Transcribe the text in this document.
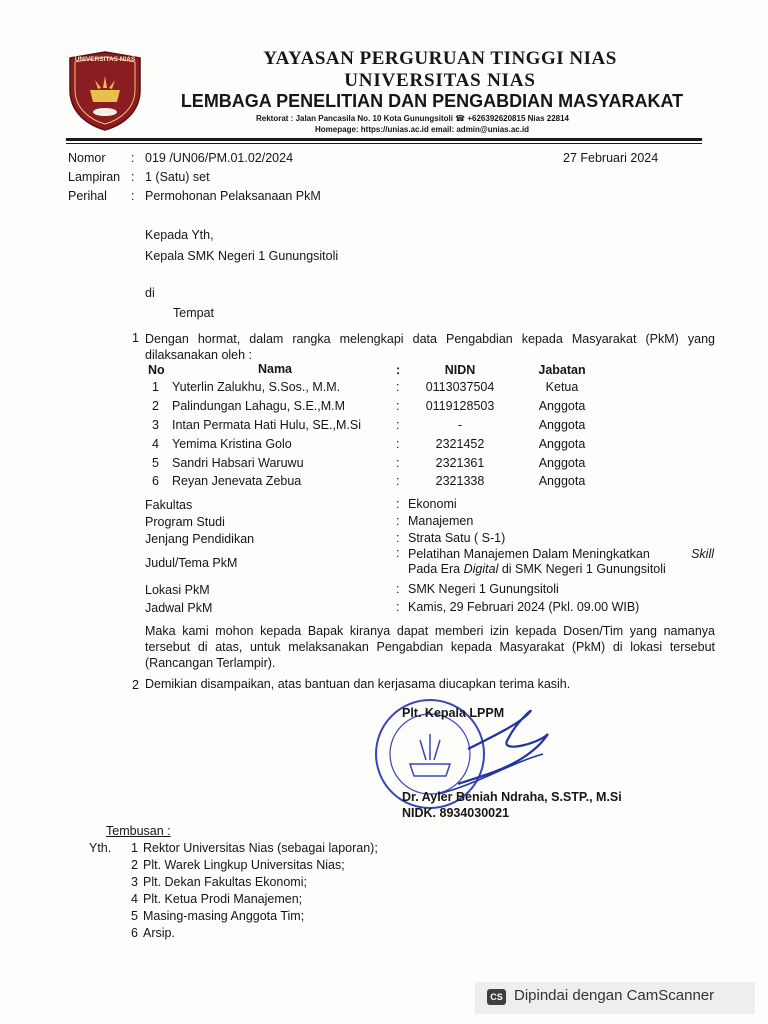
UNIVERSITAS NIAS	YAYASAN PERGURUAN TINGGI NIAS
UNIVERSITAS NIAS
LEMBAGA PENELITIAN DAN PENGABDIAN MASYARAKAT
Rektorat : Jalan Pancasila No. 10 Kota Gunungsitoli ☎ +626392620815 Nias 22814
Homepage: https://unias.ac.id email: admin@unias.ac.id
Nomor : 019 /UN06/PM.01.02/2024	27 Februari 2024
Lampiran : 1 (Satu) set
Perihal : Permohonan Pelaksanaan PkM
Kepada Yth,
Kepala SMK Negeri 1 Gunungsitoli
di
Tempat
1 Dengan hormat, dalam rangka melengkapi data Pengabdian kepada Masyarakat (PkM) yang dilaksanakan oleh :
No	Nama	:	NIDN	Jabatan
1 Yuterlin Zalukhu, S.Sos., M.M.	:	0113037504	Ketua
2 Palindungan Lahagu, S.E.,M.M	:	0119128503	Anggota
3 Intan Permata Hati Hulu, SE.,M.Si	:	-	Anggota
4 Yemima Kristina Golo	:	2321452	Anggota
5 Sandri Habsari Waruwu	:	2321361	Anggota
6 Reyan Jenevata Zebua	:	2321338	Anggota
Fakultas	: Ekonomi
Program Studi	: Manajemen
Jenjang Pendidikan	: Strata Satu ( S-1)
Judul/Tema PkM
: Pelatihan Manajemen Dalam Meningkatkan	Skill
Pada Era Digital di SMK Negeri 1 Gunungsitoli
Lokasi PkM	: SMK Negeri 1 Gunungsitoli
Jadwal PkM	: Kamis, 29 Februari 2024 (Pkl. 09.00 WIB)
Maka kami mohon kepada Bapak kiranya dapat memberi izin kepada Dosen/Tim yang namanya tersebut di atas, untuk melaksanakan Pengabdian kepada Masyarakat (PkM) di lokasi tersebut (Rancangan Terlampir).
2 Demikian disampaikan, atas bantuan dan kerjasama diucapkan terima kasih.
Plt. Kepala LPPM
Dr. Ayler Beniah Ndraha, S.STP., M.Si
NIDK. 8934030021
Tembusan :
Yth. 1 Rektor Universitas Nias (sebagai laporan);
2 Plt. Warek Lingkup Universitas Nias;
3 Plt. Dekan Fakultas Ekonomi;
4 Plt. Ketua Prodi Manajemen;
5 Masing-masing Anggota Tim;
6 Arsip.
CS Dipindai dengan CamScanner
